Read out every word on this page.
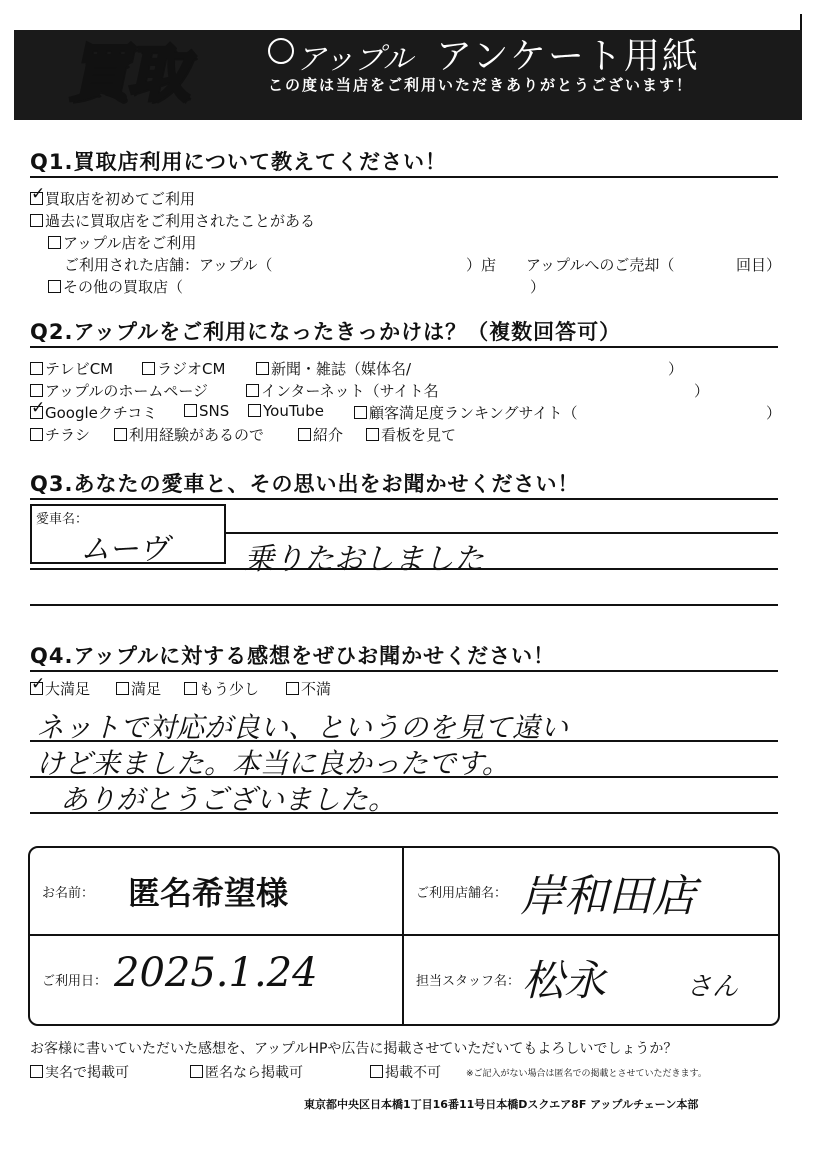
買取	アップル アンケート用紙
この度は当店をご利用いただきありがとうございます！
Q1.買取店利用について教えてください！
✓買取店を初めてご利用
過去に買取店をご利用されたことがある
アップル店をご利用
ご利用された店舗：アップル（	）店 アップルへのご売却（	回目）
その他の買取店（	）
Q2.アップルをご利用になったきっかけは？（複数回答可）
テレビCM	ラジオCM	新聞・雑誌（媒体名/	）
アップルのホームページ	インターネット（サイト名	）
✓Googleクチコミ	SNS	YouTube	顧客満足度ランキングサイト（	）
チラシ	利用経験があるので	紹介	看板を見て
Q3.あなたの愛車と、その思い出をお聞かせください！
愛車名：
ムーヴ	乗りたおしました
Q4.アップルに対する感想をぜひお聞かせください！
✓大満足	満足	もう少し	不満
ネットで対応が良い、というのを見て遠い
けど来ました。本当に良かったです。
ありがとうございました。
お名前： 匿名希望様	ご利用店舗名： 岸和田店
ご利用日： 2025.1.24	担当スタッフ名： 松永	さん
お客様に書いていただいた感想を、アップルHPや広告に掲載させていただいてもよろしいでしょうか？
実名で掲載可	匿名なら掲載可	掲載不可	※ご記入がない場合は匿名での掲載とさせていただきます。
東京都中央区日本橋1丁目16番11号日本橋Dスクエア8F アップルチェーン本部
